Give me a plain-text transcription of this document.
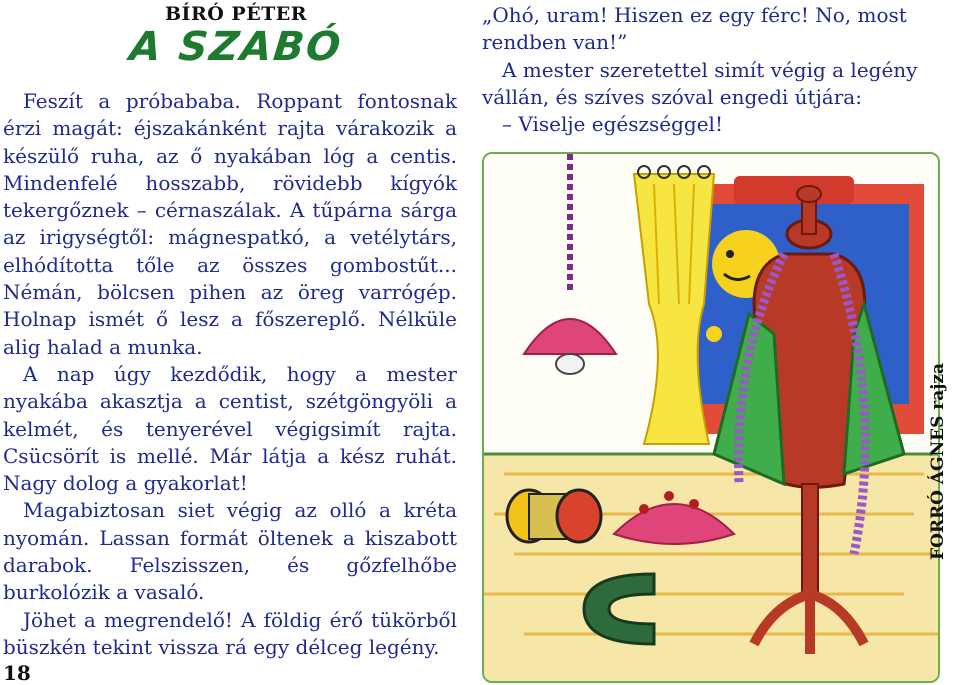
BÍRÓ PÉTER
A SZABÓ

Feszít a próbababa. Roppant fontosnak érzi magát: éjszakánként rajta várakozik a készülő ruha, az ő nyakában lóg a centis. Mindenfelé hosszabb, rövidebb kígyók tekergőznek – cérnaszálak. A tűpárna sárga az irigységtől: mágnespatkó, a vetélytárs, elhódította tőle az összes gombostűt... Némán, bölcsen pihen az öreg varrógép. Holnap ismét ő lesz a főszereplő. Nélküle alig halad a munka.

A nap úgy kezdődik, hogy a mester nyakába akasztja a centist, szétgöngyöli a kelmét, és tenyerével végigsimít rajta. Csücsörít is mellé. Már látja a kész ruhát. Nagy dolog a gyakorlat!

Magabiztosan siet végig az olló a kréta nyomán. Lassan formát öltenek a kiszabott darabok. Felszisszen, és gőzfelhőbe burkolózik a vasaló.

Jöhet a megrendelő! A földig érő tükörből büszkén tekint vissza rá egy délceg legény.

„Ohó, uram! Hiszen ez egy férc! No, most rendben van!”

A mester szeretettel simít végig a legény vállán, és szíves szóval engedi útjára:

– Viselje egészséggel!

18
FORRÓ ÁGNES rajza
